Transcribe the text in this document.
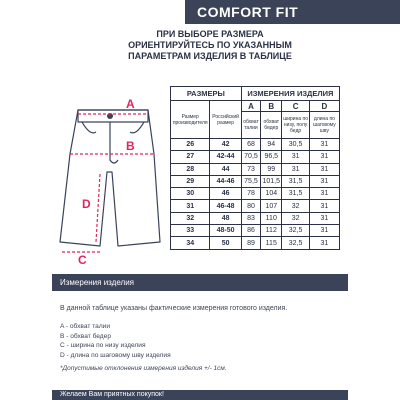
COMFORT FIT
ПРИ ВЫБОРЕ РАЗМЕРА
ОРИЕНТИРУЙТЕСЬ ПО УКАЗАННЫМ
ПАРАМЕТРАМ ИЗДЕЛИЯ В ТАБЛИЦЕ
A
B
C
D
РАЗМЕРЫ		ИЗМЕРЕНИЯ ИЗДЕЛИЯ			
Размер производителя	Российский размер	A	B	C	D
		обхват талии	обхват бедер	ширина по низу, полу бедр	длина по шаговому шву
26	42	68	94	30,5	31
27	42-44	70,5	96,5	31	31
28	44	73	99	31	31
29	44-46	75,5	101,5	31,5	31
30	46	78	104	31,5	31
31	46-48	80	107	32	31
32	48	83	110	32	31
33	48-50	86	112	32,5	31
34	50	89	115	32,5	31
Измерения изделия
В данной таблице указаны фактические измерения готового изделия.
A - обхват талии
B - обхват бедер
C - ширина по низу изделия
D - длина по шаговому шву изделия
*Допустимые отклонения измерения изделия +/- 1см.
Желаем Вам приятных покупок!
